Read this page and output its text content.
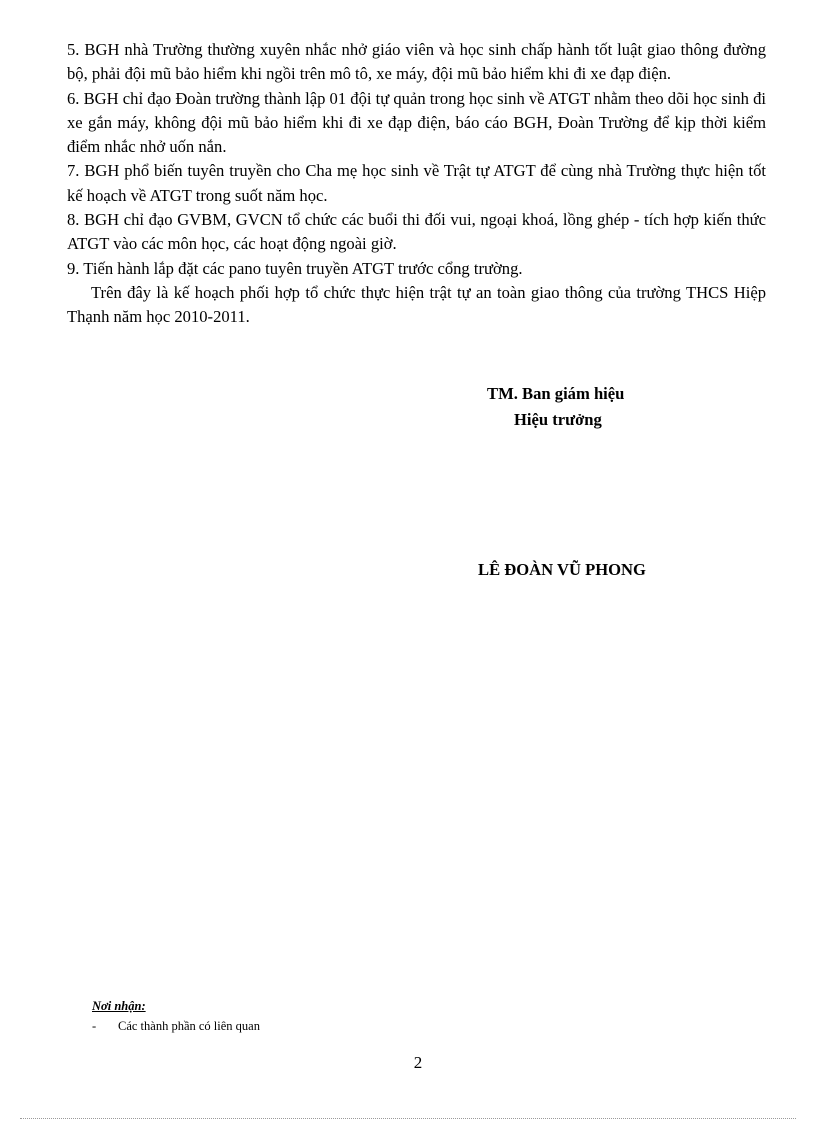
5. BGH nhà Trường thường xuyên nhắc nhở giáo viên và học sinh chấp hành tốt luật giao thông đường bộ, phải đội mũ bảo hiểm khi ngồi trên mô tô, xe máy, đội mũ bảo hiểm khi đi xe đạp điện.

6. BGH chỉ đạo Đoàn trường thành lập 01 đội tự quản trong học sinh về ATGT nhằm theo dõi học sinh đi xe gắn máy, không đội mũ bảo hiểm khi đi xe đạp điện, báo cáo BGH, Đoàn Trường để kịp thời kiểm điểm nhắc nhở uốn nắn.

7. BGH phổ biến tuyên truyền cho Cha mẹ học sinh về Trật tự ATGT để cùng nhà Trường thực hiện tốt kế hoạch về ATGT trong suốt năm học.

8. BGH chỉ đạo GVBM, GVCN tổ chức các buổi thi đối vui, ngoại khoá, lồng ghép - tích hợp kiến thức ATGT vào các môn học, các hoạt động ngoài giờ.

9. Tiến hành lắp đặt các pano tuyên truyền ATGT trước cổng trường.

Trên đây là kế hoạch phối hợp tổ chức thực hiện trật tự an toàn giao thông của trường THCS Hiệp Thạnh năm học 2010-2011.

TM. Ban giám hiệu
Hiệu trưởng
LÊ ĐOÀN VŨ PHONG
Nơi nhận:
-	Các thành phần có liên quan
2
